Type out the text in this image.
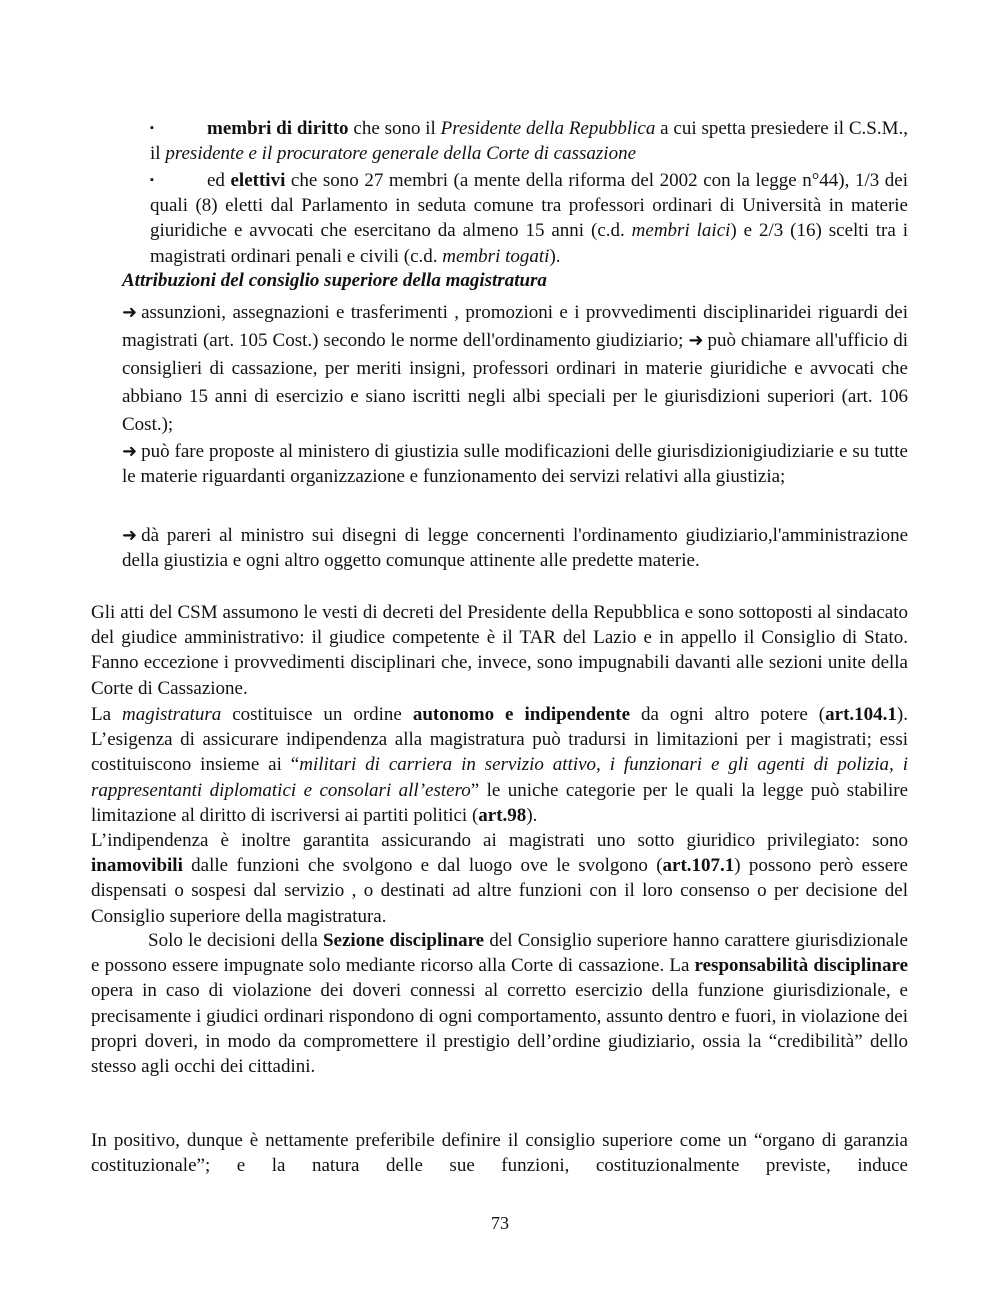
▪	membri di diritto che sono il Presidente della Repubblica a cui spetta presiedere il C.S.M., il presidente e il procuratore generale della Corte di cassazione
▪	ed elettivi che sono 27 membri (a mente della riforma del 2002 con la legge n°44), 1/3 dei quali (8) eletti dal Parlamento in seduta comune tra professori ordinari di Università in materie giuridiche e avvocati che esercitano da almeno 15 anni (c.d. membri laici) e 2/3 (16) scelti tra i magistrati ordinari penali e civili (c.d. membri togati).
Attribuzioni del consiglio superiore della magistratura
➜ assunzioni, assegnazioni e trasferimenti , promozioni e i provvedimenti disciplinaridei riguardi dei magistrati (art. 105 Cost.) secondo le norme dell'ordinamento giudiziario; ➜ può chiamare all'ufficio di consiglieri di cassazione, per meriti insigni, professori ordinari in materie giuridiche e avvocati che abbiano 15 anni di esercizio e siano iscritti negli albi speciali per le giurisdizioni superiori (art. 106 Cost.);
➜ può fare proposte al ministero di giustizia sulle modificazioni delle giurisdizionigiudiziarie e su tutte le materie riguardanti organizzazione e funzionamento dei servizi relativi alla giustizia;
➜ dà pareri al ministro sui disegni di legge concernenti l'ordinamento giudiziario,l'amministrazione della giustizia e ogni altro oggetto comunque attinente alle predette materie.
Gli atti del CSM assumono le vesti di decreti del Presidente della Repubblica e sono sottoposti al sindacato del giudice amministrativo: il giudice competente è il TAR del Lazio e in appello il Consiglio di Stato. Fanno eccezione i provvedimenti disciplinari che, invece, sono impugnabili davanti alle sezioni unite della Corte di Cassazione.
La magistratura costituisce un ordine autonomo e indipendente da ogni altro potere (art.104.1). L’esigenza di assicurare indipendenza alla magistratura può tradursi in limitazioni per i magistrati; essi costituiscono insieme ai “militari di carriera in servizio attivo, i funzionari e gli agenti di polizia, i rappresentanti diplomatici e consolari all’estero” le uniche categorie per le quali la legge può stabilire limitazione al diritto di iscriversi ai partiti politici (art.98).
L’indipendenza è inoltre garantita assicurando ai magistrati uno sotto giuridico privilegiato: sono inamovibili dalle funzioni che svolgono e dal luogo ove le svolgono (art.107.1) possono però essere dispensati o sospesi dal servizio , o destinati ad altre funzioni con il loro consenso o per decisione del Consiglio superiore della magistratura.
Solo le decisioni della Sezione disciplinare del Consiglio superiore hanno carattere giurisdizionale e possono essere impugnate solo mediante ricorso alla Corte di cassazione. La responsabilità disciplinare opera in caso di violazione dei doveri connessi al corretto esercizio della funzione giurisdizionale, e precisamente i giudici ordinari rispondono di ogni comportamento, assunto dentro e fuori, in violazione dei propri doveri, in modo da compromettere il prestigio dell’ordine giudiziario, ossia la “credibilità” dello stesso agli occhi dei cittadini.
In positivo, dunque è nettamente preferibile definire il consiglio superiore come un “organo di garanzia costituzionale”; e la natura delle sue funzioni, costituzionalmente previste, induce
73
